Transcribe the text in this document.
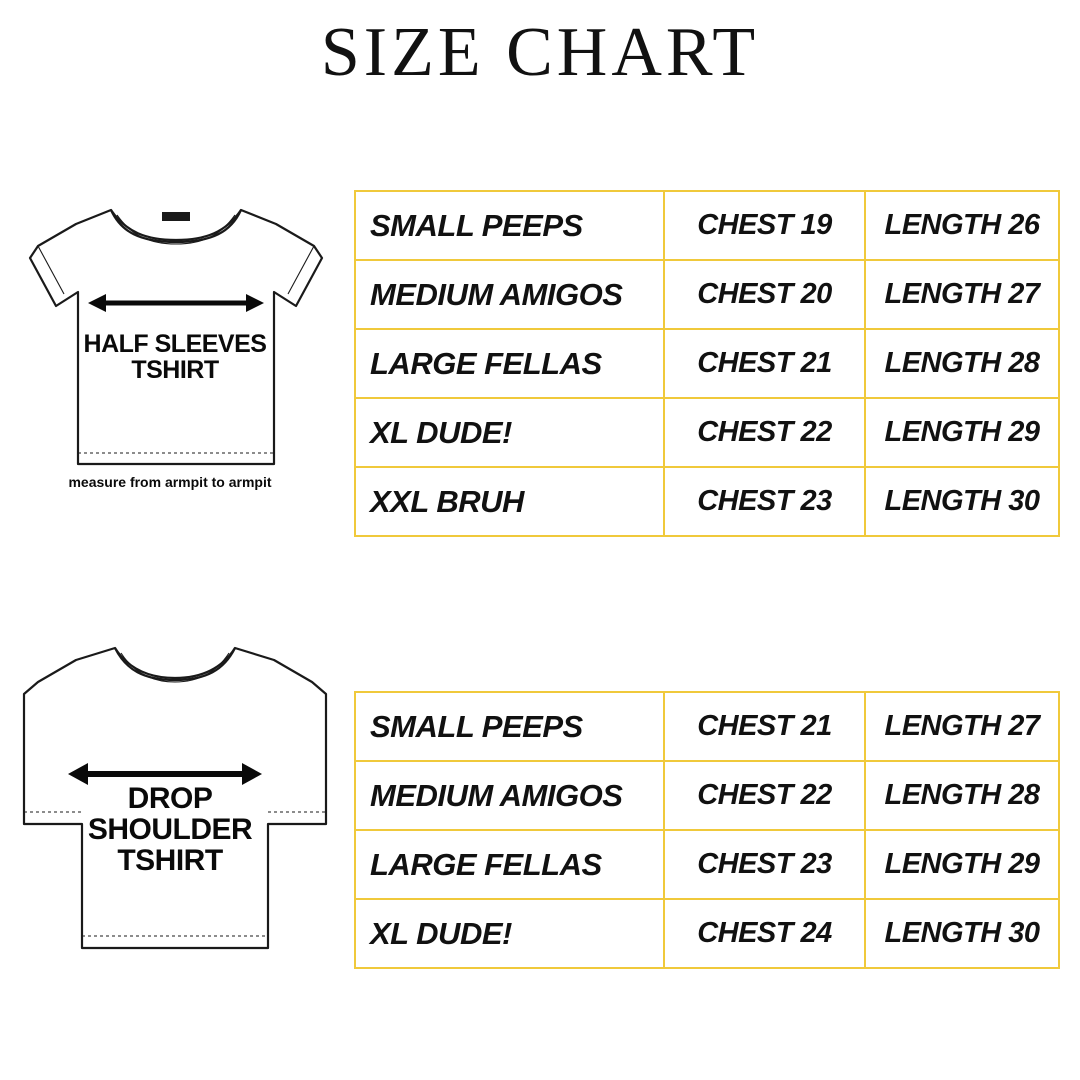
SIZE CHART
HALF SLEEVES
TSHIRT
measure from armpit to armpit
SMALL PEEPS	CHEST 19	LENGTH 26
MEDIUM AMIGOS	CHEST 20	LENGTH 27
LARGE FELLAS	CHEST 21	LENGTH 28
XL DUDE!	CHEST 22	LENGTH 29
XXL BRUH	CHEST 23	LENGTH 30
DROP
SHOULDER
TSHIRT
SMALL PEEPS	CHEST 21	LENGTH 27
MEDIUM AMIGOS	CHEST 22	LENGTH 28
LARGE FELLAS	CHEST 23	LENGTH 29
XL DUDE!	CHEST 24	LENGTH 30
